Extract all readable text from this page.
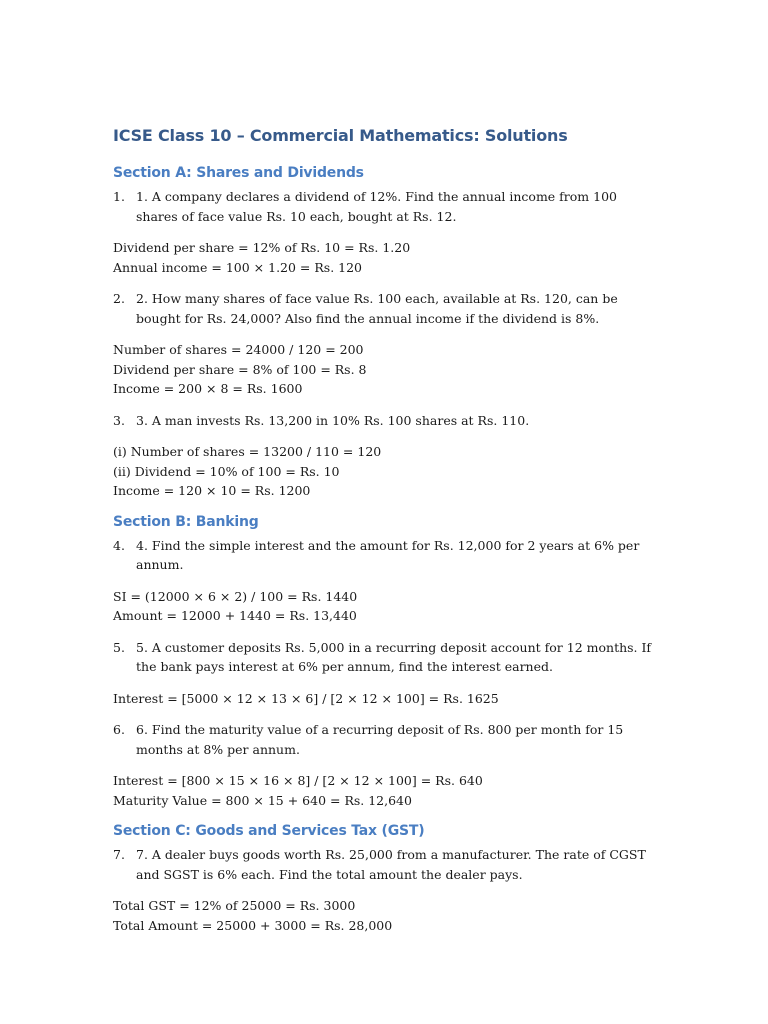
ICSE Class 10 – Commercial Mathematics: Solutions
Section A: Shares and Dividends
1. 1. A company declares a dividend of 12%. Find the annual income from 100 shares of face value Rs. 10 each, bought at Rs. 12.
Dividend per share = 12% of Rs. 10 = Rs. 1.20
Annual income = 100 × 1.20 = Rs. 120
2. 2. How many shares of face value Rs. 100 each, available at Rs. 120, can be bought for Rs. 24,000? Also find the annual income if the dividend is 8%.
Number of shares = 24000 / 120 = 200
Dividend per share = 8% of 100 = Rs. 8
Income = 200 × 8 = Rs. 1600
3. 3. A man invests Rs. 13,200 in 10% Rs. 100 shares at Rs. 110.
(i) Number of shares = 13200 / 110 = 120
(ii) Dividend = 10% of 100 = Rs. 10
Income = 120 × 10 = Rs. 1200
Section B: Banking
4. 4. Find the simple interest and the amount for Rs. 12,000 for 2 years at 6% per annum.
SI = (12000 × 6 × 2) / 100 = Rs. 1440
Amount = 12000 + 1440 = Rs. 13,440
5. 5. A customer deposits Rs. 5,000 in a recurring deposit account for 12 months. If the bank pays interest at 6% per annum, find the interest earned.
Interest = [5000 × 12 × 13 × 6] / [2 × 12 × 100] = Rs. 1625
6. 6. Find the maturity value of a recurring deposit of Rs. 800 per month for 15 months at 8% per annum.
Interest = [800 × 15 × 16 × 8] / [2 × 12 × 100] = Rs. 640
Maturity Value = 800 × 15 + 640 = Rs. 12,640
Section C: Goods and Services Tax (GST)
7. 7. A dealer buys goods worth Rs. 25,000 from a manufacturer. The rate of CGST and SGST is 6% each. Find the total amount the dealer pays.
Total GST = 12% of 25000 = Rs. 3000
Total Amount = 25000 + 3000 = Rs. 28,000
